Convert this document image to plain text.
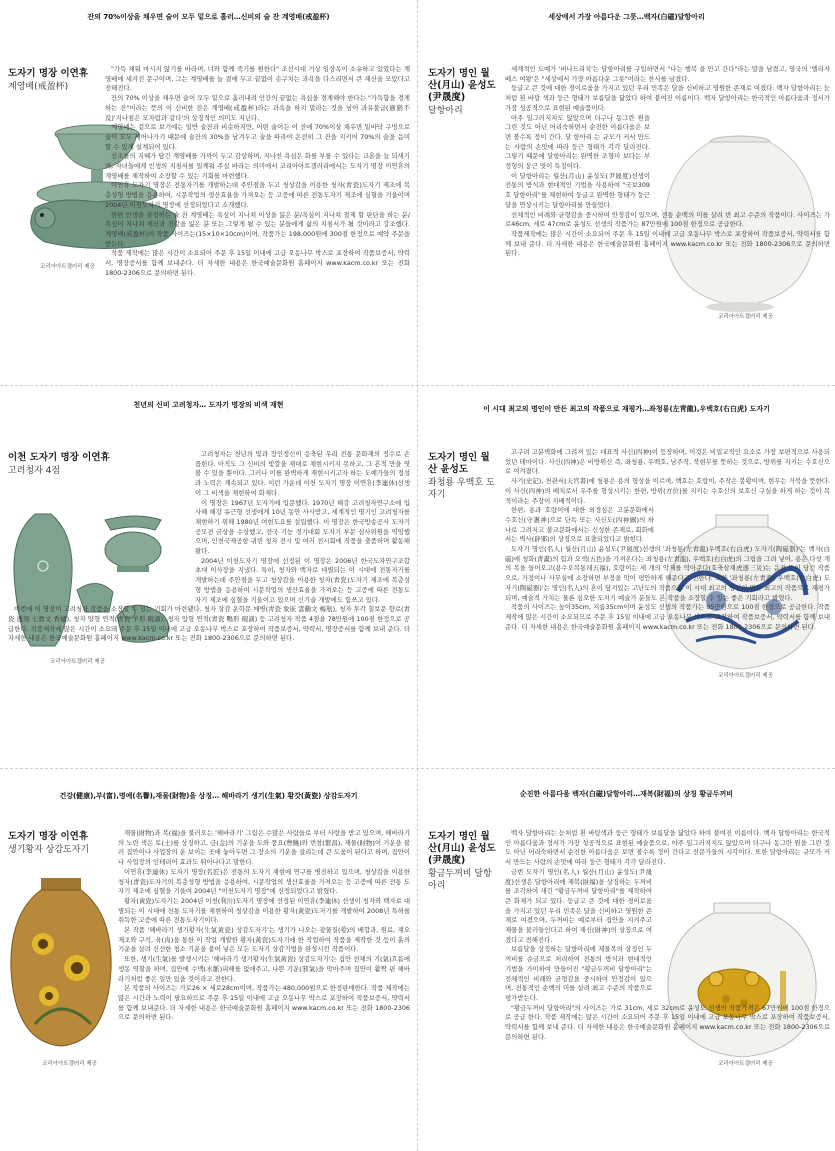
잔의 70%이상을 채우면 술이 모두 밑으로 흘러…신비의 술 잔 계영배(戒盈杯)
도자기 명장 이연휴
계영배(戒盈杯)
코리아아트갤러리 제공

"가득 채워 마시지 않기를 바라며, 너와 함께 죽기를 원한다" 조선시대 거상 임상옥이 소유하고 있었다는 계영배에 새겨진 문구이며, 그는 계영배를 늘 곁에 두고 끝없이 솟구치는 과욕을 다스리면서 큰 재산을 모았다고 전해진다.

잔의 70% 이상을 채우면 술이 모두 밑으로 흘러내려 인간의 끝없는 욕심을 경계해야 한다는 "가득함을 경계하는 잔"이라는 뜻의 이 신비한 잔은 계영배(戒盈杯)라는 과욕을 하지 말라는 것을 넘어 과유불급(過猶不及)'지나침은 모자람과 같다'의 상징적인 의미도 지닌다.

계영배는 겉으로 보기에는 일반 술잔과 비슷하지만, 어떤 술이든 이 잔에 70%이상 채우면 밑바닥 구멍으로 술이 모두 새어나가기 때문에 술잔의 30%을 남겨두고 술을 따라야 온전히 그 잔을 지키어 70%의 술을 음미할 수 있게 설계되어 있다.

선조들의 지혜가 담긴 계영배를 가까이 두고 감상하며, 지나친 욕심은 화를 부를 수 있다는 교훈을 늘 되새기며, 자녀들에게 인생의 지침서를 일깨워 주실 바라는 의미에서 코리아아트갤러리에서는 도자기 명장 이연휴의 계영배를 제작하여 소장할 수 있는 기회를 마련했다.

이연휴 도자기 명장은 전통자기를 개발하는데 주안점을 두고 청상감을 이용한 청자(靑瓷)도자기 제조에 복층성형 방법을 응용하여, 시문작업의 생산효율을 가져오는 등 고증에 따른 전통도자기 제조에 심혈을 기울이며 2004년 이천도자기 명장에 선정되었다고 소개했다.

한편 인생을 상징하는 술 잔 계영배는 욕심이 지나쳐 이성을 잃은 분/욕심이 지나쳐 절제 할 판단을 하는 분/욕심이 지나쳐 재산과 건강을 잃은 분 또는 그렇게 될 수 있는 분들에게 삶의 지침서가 될 것이라고 강조했다. 계영배(戒盈杯)의 작품 사이즈는(15×10×10cm)이며, 작품가는 198,000원에 300점 한정으로 예약 주문을 받는다.

작품 제작에는 많은 시간이 소요되어 주문 후 15일 이내에 고급 오동나무 박스로 포장하여 작품보증서, 약력서, 명장증서를 함께 보내준다. 더 자세한 내용은 한국예술문화원 홈페이지 www.kacm.co.kr 또는 전화 1800-2306으로 문의하면 된다.

세상에서 가장 아름다운 그릇…백자(白磁)달항아리
도자기 명인 월산(月山) 윤성도(尹晟度)
달항아리
코리아아트갤러리 제공

세계적인 도예가 '버나드리치'는 달항아리를 구입하면서 "나는 행복 을 안고 간다"라는 말을 남겼고, 영국의 '엘리자베스 여왕'은 "세상에서 가장 아름다운 그릇"이라는 찬사를 남겼다.

둥글고 큰 것에 대한 경이로움을 가지고 있던 우리 민족은 달을 신비하고 영원한 존재로 여겼다. 백자 달항아리는 눈처럼 흰 바탕 색과 둥근 형태가 보름달을 닮았다 하여 붙여진 이름이다. 백자 달항아리는 한국적인 아름다움과 정서가 가장 성공적으로 표현된 예술품이다.

아주 일그러지지도 않았으며 더구나 동그란 원을 그린 것도 아닌 어리숙하면서 순진한 아름다움은 보면 볼수록 정이 간다. 달 항아리 는 규모가 커서 만드는 사람의 손맛에 따라 둥근 형태가 각각 달라진다. 그렇기 때문에 달항아리는 완벽한 조형미 보다는 부정형의 둥근 멋이 특징이다.

이 달항아리는 월산(月山) 윤성도(尹晟度)선생이 전통의 방식과 현대적인 기법을 사용하여 "국보309호 달항아리"를 재현하여 둥글고 완벽한 형태가 둥근 달을 연상시키는 달항아리를 만들었다.

전체적인 비례와 균형감을 중시하여 안정감이 있으며, 전통 순백의 미를 살려 번 최고 수준의 작품이다. 사이즈는 가로46cm, 세로 47cm로 윤성도 선생의 작품가는 87만원에 100점 한정으로 공급한다.

작품제작에는 많은 시간이 소요되어 주문 후 15일 이내에 고급 오동나무 박스로 포장하여 작품보증서, 약력서를 함께 보내 준다. 더 자세한 내용은 한국예술문화원 홈페이지 www.kacm.co.kr 또는 전화 1800-2306으로 문의하면 된다.

천년의 신비 고려청자… 도자기 명장의 비색 재현
이천 도자기 명장 이연휴
고려청자 4점
코리아아트갤러리 제공

고려청자는 천년의 빛과 장인정신이 응축된 우리 전통 문화재의 정수로 손 꼽힌다. 아직도 그 신비의 빛깔을 재대로 재현시키지 못하고, 그 흔적 만을 엿볼 수 있을 뿐이다. 그러나 이를 완벽하게 재현시키고자 하는 도예가들의 정성과 노력은 계속되고 있다. 이런 가운데 이천 도자기 명장 이연휴(李連休)선생이 그 비색을 재현하여 화제다.

이 명장은 1967년 도자기에 입문했다. 1970년 해강 고려청자연구소에 입사해 해강 유근형 선생에게 10년 동안 사사받고, 세계적인 명기인 고려청자를 재현하기 위해 1980년 여현도요를 설립했다. 이 명장은 한국방송공사 도자기 공모전 금상을 수상했고, 전국 기능 경기대회 도자기 부문 심사위원을 역임했으며, 인천국제공항 귀빈 청자 전시 및 여러 전시회에 작품을 출품하며 활동해 왔다.

2004년 이천도자기 명장에 선정된 이 명장은 2006년 한국도자연구조합 초대 이사장을 지냈다. 특히, 청자와 백자로 대별되는 이 시대에 전통자기를 개발하는데 주안점을 두고 청상감을 이용한 청자(靑瓷)도자기 제조에 복층성형 방법을 응용하여 시문작업의 생산효율을 가져오는 등 고증에 따른 전통도자기 제조에 심혈을 기울이고 있으며 신기술 개발에도 힘쓰고 있다.

이번에 이 명장이 고려청자 작품을 소장할 수 있는 기회가 마련됐다. 청자 상감 운학문 매병(靑瓷 象嵌 雲鶴文 梅甁), 청자 투각 칠보문 향로(靑瓷 透刻 七寶文 香爐), 청자 양형 연적(靑瓷 羊形 硯滴), 청자 압형 연적(靑瓷 鴨形 硯滴) 등 고려청자 작품 4점을 78만원에 100점 한정으로 공급한다. 작품제작에 많은 시간이 소요돼 주문 후 15일 이내에 고급 오동나무 박스로 포장하여 작품보증서, 약력서, 명장증서를 함께 보내 준다. 더 자세한 내용은 한국예술문화원 홈페이지 www.kacm.co.kr 또는 전화 1800-2306으로 문의하면 된다.

이 시대 최고의 명인이 만든 최고의 작품으로 재평가…좌청룡(左靑龍),우백호(右白虎) 도자기
도자기 명인 월산 윤성도
좌청룡 우백호 도자기
코리아아트갤러리 제공

고구려 고분벽화에 그려져 있는 대표적 사신(四神)이 등장하며, 이것은 비밀교적인 요소로 가장 보편적으로 사용되었던 테마이다. 사신(四神)은 비방위신 즉, 좌청룡, 우백호, 남주작, 북현무를 뜻하는 것으로, 방위를 지키는 수호신으로 여겨졌다.

사기(史記), 천관서(天官書)에 청룡은 용의 형상을 이르며, 백호는 호랑이, 주작은 봉황이며, 현무는 거북을 뜻한다. 이 사신(四神)의 배치로서 우주를 형성시키는 한편, 방위(方位)를 지키는 수호신의 보호신 구실을 하게 하는 것이 목적이라는 주장이 지배적이다.

한편, 용과 호랑이에 대한 외경심은 고분문화에서 수호신(守護神)으로 단독 또는 사신도(四神圖)의 하나로 그려지고 불교문화에서는 신성한 존재로, 회화에서는 벽사(辟邪)의 상징으로 표출되었다고 밝힌다.

도자기 명인(名人) 월산(月山) 윤성도(尹晟度)선생의 '좌청룡(左靑龍)우백호(右白虎) 도자기(陶磁器)'는 백자(白磁)에 청화(靑畵)의 힘과 오색(五色)을 가져온다는 좌청룡(左靑龍), 우백호(右白虎)의 그림을 그려 넣어, 용은 다섯 개의 복을 들어오고(용수오복통래五福), 호랑이는 세 개의 악재를 막아준다(호축삼재虎逐三災)는 음전 뜻이 담긴 작품으로, 가정이나 사무실에 소장하면 부정을 막아 평안하게 해준다고 전한다. 또한 '좌청룡(左靑龍) 우백호(右白虎) 도자기(陶磁器)'는 명인(名人)의 혼이 담겨있는 고난도의 작품으로 이 시대 최고의 명인이 만든 최고의 작품으로 재평가 되며, 예술적 가치는 물론 심오한 도자기 예술가 분들도 본 작품을 소장할 수 있는 좋은 기회라고 밝혔다.

작품의 사이즈는 높이35cm, 지름35cm이며 윤성도 선생의 작품가는 95만원으로 100점 한정으로 공급한다. 작품 제작에 많은 시간이 소요되므로 주문 후 15일 이내에 고급 오동나무 박스로 포장하여 작품보증서, 약력서를 함께 보내준다. 더 자세한 내용은 한국예술문화원 홈페이지 www.kacm.co.kr 또는 전화 1800-2306으로 문의하면 된다.

건강(健康),부(富),명예(名譽),재물(財物)을 상징… 해바라기 생기(生氣) 황갓(黃瓷) 상감도자기
도자기 명장 이연휴
생기황자 상감도자기
코리아아트갤러리 제공

재물(財物)과 복(福)을 불러오는 '해바라기' 그림은 수많은 사람들로 부터 사랑을 받고 있으며, 해바라기의 노란 색은 토(土)를 상징하고, 금(金)의 기운을 도와 풍요(豊饒)와 번창(繁昌), 재물(財物)이 기운을 불러 집안이나 사업장의 운 보이는 곳에 놓아두면 그 장소의 기운을 살리는데 큰 도움이 된다고 하며, 집안이나 사업장의 인테리어 효과도 뛰어나다고 말한다.

이연휴(李連休) 도자기 명장(名匠)은 전통의 도자기 재현에 연구를 병진하고 있으며, 청상감을 이용한 청자(靑瓷)도자기의 복층성형 방법을 응용하여, 시문작업의 생산효율을 가져오는 등 고증에 따른 전통 도자기 제조에 심혈을 기울여 2004년 "이천도자기 명장"에 선정되었다고 밝혔다.

황자(黃瓷)도자기는 2004년 이천(利川)도자기 명장에 선정된 이연휴(李連休) 선생이 청자와 백자로 대별되는 이 시대에 전통 도자기를 재현하여 청상감을 이용한 황자(黃瓷)도자기를 개발하여 2008년 특허를 취득한 고증에 따른 전통도자기이다.

본 작품 '해바라기 생기황자(生氣黃瓷) 상감도자기'는 생기가 나오는 광물질(황)의 배합과, 원료, 재오 제조와 구석, 육(肉)을 통한 이 작업 개발한 황자(黃瓷)도자기에 한 작업하여 작품을 제작한 것 등이 흙의 기운을 살려 신선한 청소 기운을 불어 넣은 모든 도자기 상감기법을 완성시킨 작품이다.

또한, 생기(生氣)를 발생시키는 '해바라기 생기황자(生氣黃瓷) 상감도자기'는 집안 전체의 기(氣)흐름에 생동 역할을 하며, 집안에 수맥(水脈)피해를 없애주고, 나쁜 기운(邪氣)을 막아주며 집안이 활짝 핀 해바라기처럼 좋은 일만 있을 것이라고 전한다.

본 작품의 사이즈는 가로26 × 세로28cm이며, 작품가는 480,000원으로 한정판매한다. 작품 제작에는 많은 시간과 노력이 필요하므로 주문 후 15일 이내에 고급 오동나무 박스로 포장하여 작품보증서, 약력서를 함께 보내준다. 더 자세한 내용은 한국예술문화원 홈페이지 www.kacm.co.kr 또는 전화 1800-2306으로 문의하면 된다.

순진한 아름다움 백자(白磁)달항아리…재복(財福)의 상징 황금두꺼비
도자기 명인 월산(月山) 윤성도(尹晟度)
황금두꺼비 달항아리
코리아아트갤러리 제공

백자 달항아리는 눈처럼 흰 바탕색과 둥근 형태가 보름달을 닮았다 하여 붙여진 이름이다. 백자 달항아리는 한국적인 아름다움과 정서가 가장 성공적으로 표현된 예술품으로, 아주 일그러지지도 않았으며 더구나 동그란 원을 그린 것도 아닌 어리숙하면서 순진한 아름다움은 보면 볼수록 정이 간다고 전문가들의 시각이다. 또한 달항아리는 규모가 커서 만드는 사람의 손맛에 따라 둥근 형태가 각각 달라진다.

금번 도자기 명인(名人) 월산(月山) 윤성도(尹晟度)선생은 달항아리에 재복(財福)을 상징하는 두꺼비를 조각하여 새긴 "황금두꺼비 달항아리"를 제작하여 큰 화제가 되고 있다. 둥글고 큰 것에 대한 경이로움을 가지고 있던 우리 민족은 달을 신비하고 영원한 존재로 여겼으며, 두꺼비는 예로부터 집안을 지켜주고 재물을 불러들인다고 하여 재신(財神)의 상징으로 여겼다고 전해진다.

보름달을 상징하는 달항아리에 재물복의 상징인 두꺼비를 순금으로 처리하여 전통의 방식과 현대적인 기법을 가미하여 만들어진 "황금두꺼비 달항아리"는 전체적인 비례와 균형감을 중시하여 안정감이 있으며, 전통적인 순백의 미를 살려 최고 수준의 작품으로 평가받는다.

"황금두꺼비 달항아리"의 사이즈는 가로 31cm, 세로 32cm로 윤성도 선생의 작품가격은 67만원에 100점 한정으로 공급 한다. 작품 제작에는 많은 시간이 소요되어 주문 후 15일 이내에 고급 오동나무 박스로 포장하여 작품보증서, 약력서를 함께 보내 준다. 더 자세한 내용은 한국예술문화원 홈페이지 www.kacm.co.kr 또는 전화 1800-2306으로 문의하면 된다.
